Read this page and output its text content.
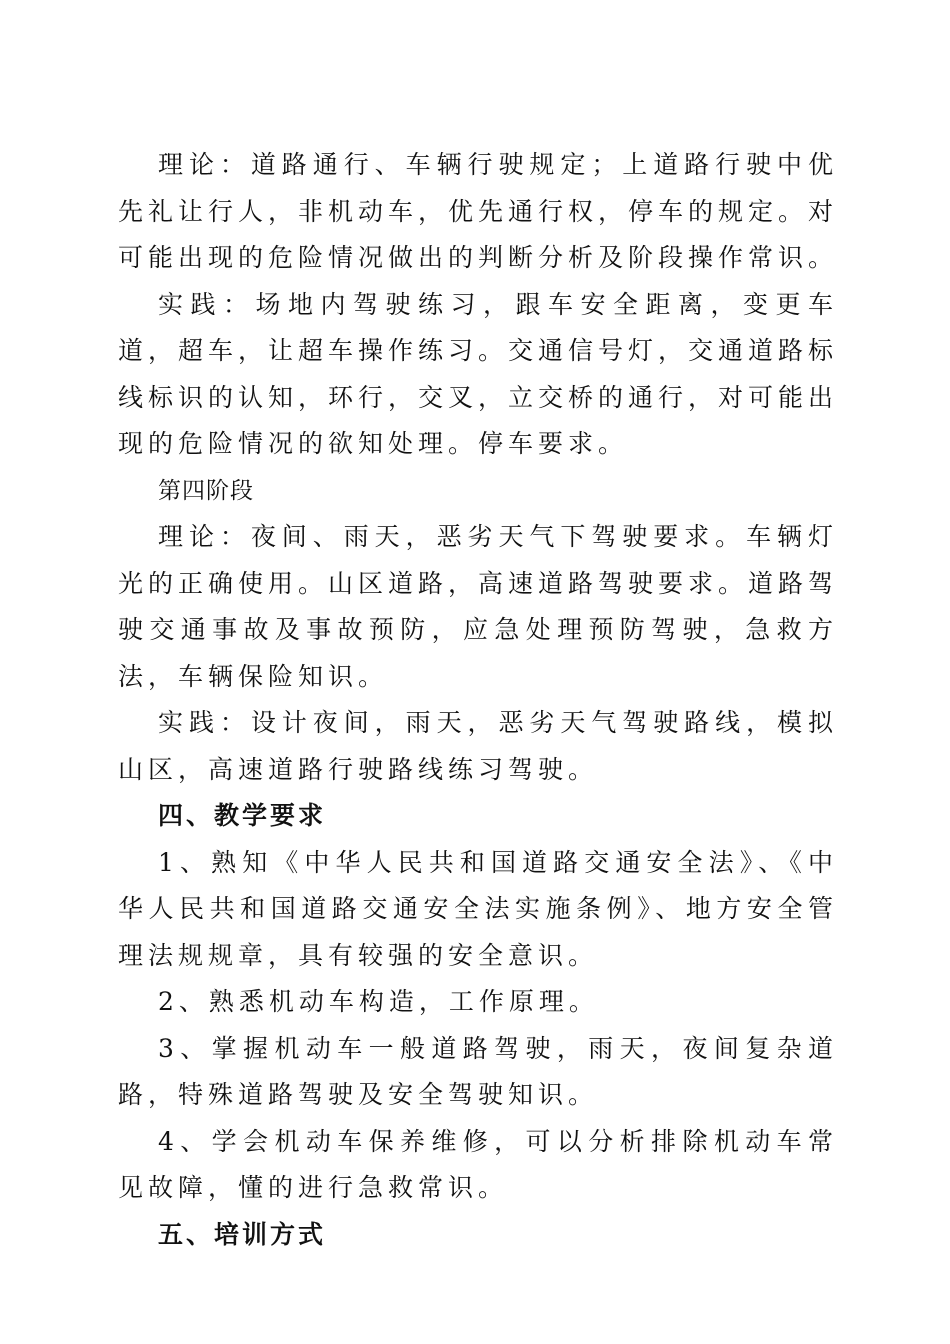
理论：道路通行、车辆行驶规定；上道路行驶中优先礼让行人，非机动车，优先通行权，停车的规定。对可能出现的危险情况做出的判断分析及阶段操作常识。

实践：场地内驾驶练习，跟车安全距离，变更车道，超车，让超车操作练习。交通信号灯，交通道路标线标识的认知，环行，交叉，立交桥的通行，对可能出现的危险情况的欲知处理。停车要求。

第四阶段

理论：夜间、雨天，恶劣天气下驾驶要求。车辆灯光的正确使用。山区道路，高速道路驾驶要求。道路驾驶交通事故及事故预防，应急处理预防驾驶，急救方法，车辆保险知识。

实践：设计夜间，雨天，恶劣天气驾驶路线，模拟山区，高速道路行驶路线练习驾驶。

四、教学要求

1、熟知《中华人民共和国道路交通安全法》、《中华人民共和国道路交通安全法实施条例》、地方安全管理法规规章，具有较强的安全意识。

2、熟悉机动车构造，工作原理。

3、掌握机动车一般道路驾驶，雨天，夜间复杂道路，特殊道路驾驶及安全驾驶知识。

4、学会机动车保养维修，可以分析排除机动车常见故障，懂的进行急救常识。

五、培训方式
